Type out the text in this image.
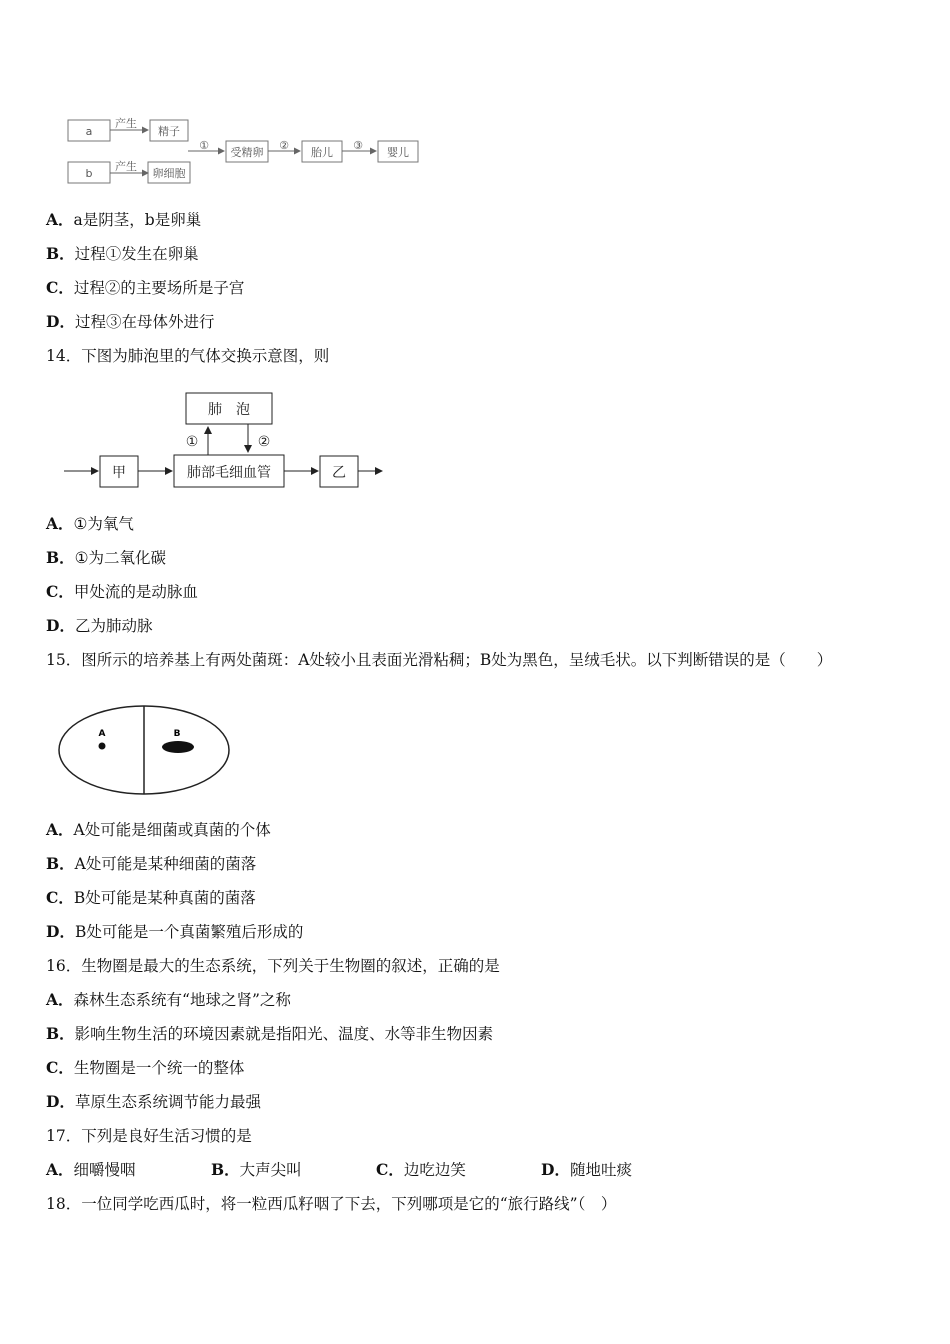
a
b
产生
产生
精子
卵细胞
①
受精卵
②
胎儿
③
婴儿
A．a是阴茎，b是卵巢
B．过程①发生在卵巢
C．过程②的主要场所是子宫
D．过程③在母体外进行
14．下图为肺泡里的气体交换示意图，则
肺　泡
①	②
甲	肺部毛细血管	乙
A．①为氧气
B．①为二氧化碳
C．甲处流的是动脉血
D．乙为肺动脉
15．图所示的培养基上有两处菌斑：A处较小且表面光滑粘稠；B处为黑色，呈绒毛状。以下判断错误的是（　　）
A	B
A．A处可能是细菌或真菌的个体
B．A处可能是某种细菌的菌落
C．B处可能是某种真菌的菌落
D．B处可能是一个真菌繁殖后形成的
16．生物圈是最大的生态系统，下列关于生物圈的叙述，正确的是
A．森林生态系统有“地球之肾”之称
B．影响生物生活的环境因素就是指阳光、温度、水等非生物因素
C．生物圈是一个统一的整体
D．草原生态系统调节能力最强
17．下列是良好生活习惯的是
A．细嚼慢咽	B．大声尖叫	C．边吃边笑	D．随地吐痰
18．一位同学吃西瓜时，将一粒西瓜籽咽了下去，下列哪项是它的“旅行路线”（　）
